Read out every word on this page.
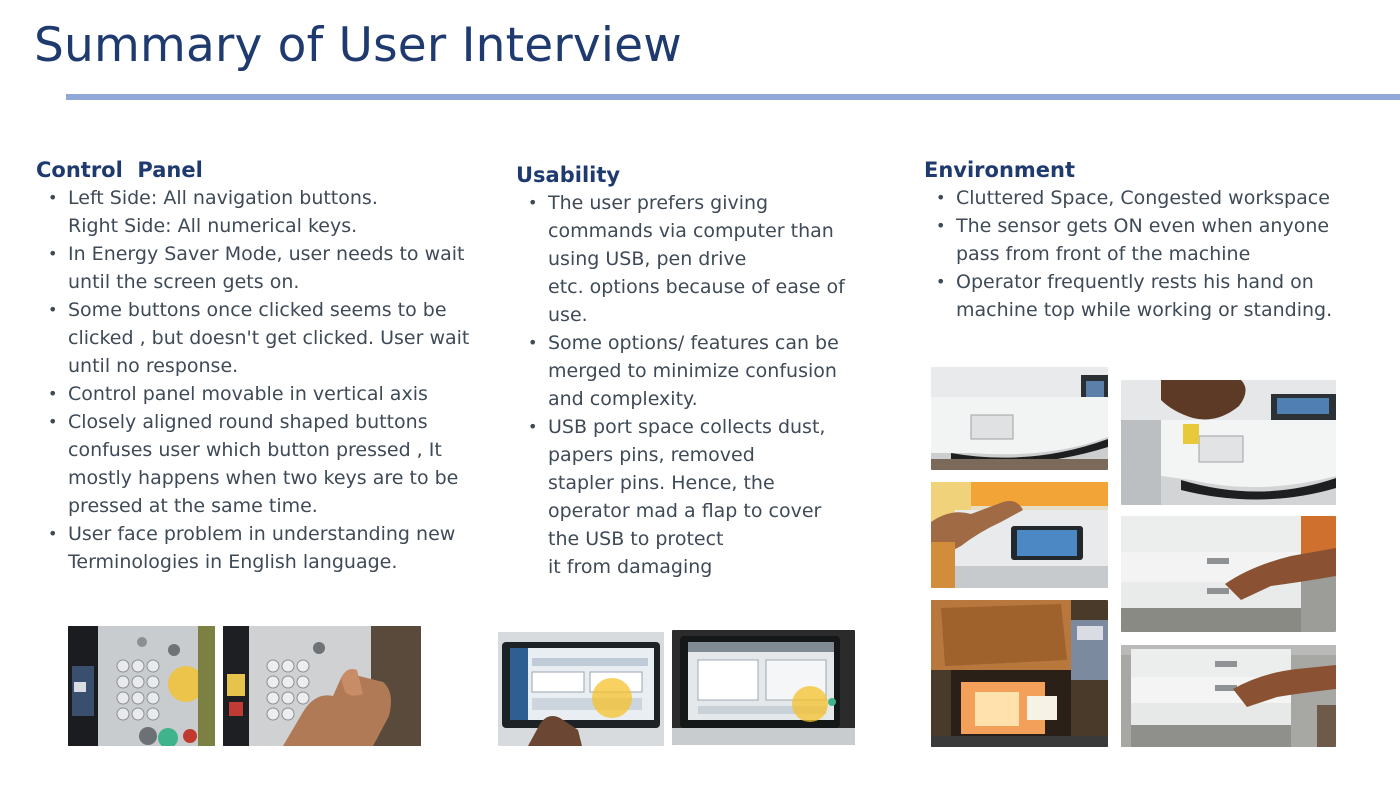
Summary of User Interview
Control  Panel
• Left Side: All navigation buttons.
Right Side: All numerical keys.
• In Energy Saver Mode, user needs to wait until the screen gets on.
• Some buttons once clicked seems to be clicked , but doesn't get clicked. User wait until no response.
• Control panel movable in vertical axis
• Closely aligned round shaped buttons confuses user which button pressed , It mostly happens when two keys are to be pressed at the same time.
• User face problem in understanding new Terminologies in English language.
Usability
• The user prefers giving commands via computer than using USB, pen drive
etc. options because of ease of use.
• Some options/ features can be merged to minimize confusion and complexity.
• USB port space collects dust, papers pins, removed
stapler pins. Hence, the operator mad a flap to cover the USB to protect
it from damaging
Environment
• Cluttered Space, Congested workspace
• The sensor gets ON even when anyone pass from front of the machine
• Operator frequently rests his hand on machine top while working or standing.
